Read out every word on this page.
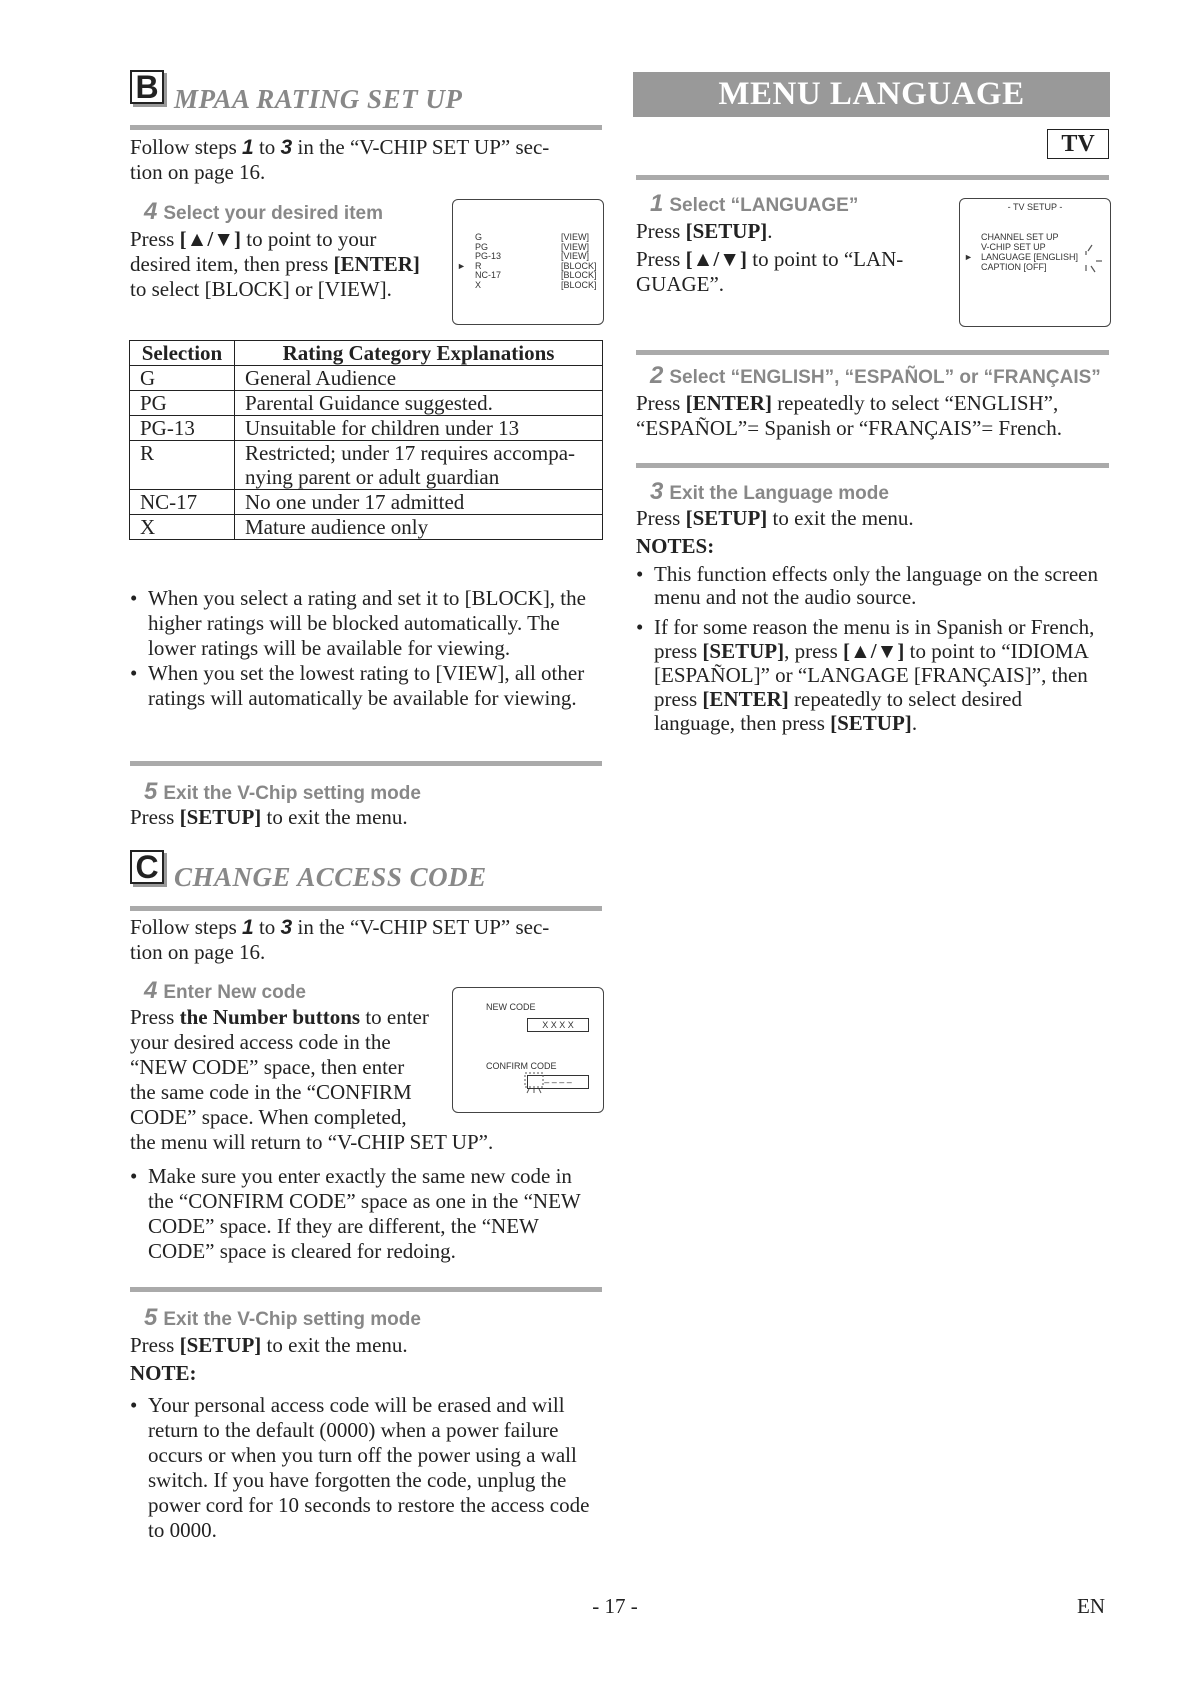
B MPAA RATING SET UP
Follow steps 1 to 3 in the “V-CHIP SET UP” sec-
tion on page 16.
4 Select your desired item
Press [▲/▼] to point to your
desired item, then press [ENTER]
to select [BLOCK] or [VIEW].
G	[VIEW]
PG	[VIEW]
PG-13	[VIEW]
► R	[BLOCK]
NC-17	[BLOCK]
X	[BLOCK]
Selection	Rating Category Explanations
G	General Audience
PG	Parental Guidance suggested.
PG-13	Unsuitable for children under 13
R	Restricted; under 17 requires accompa-
nying parent or adult guardian
NC-17	No one under 17 admitted
X	Mature audience only
• When you select a rating and set it to [BLOCK], the higher ratings will be blocked automatically. The lower ratings will be available for viewing.
• When you set the lowest rating to [VIEW], all other ratings will automatically be available for viewing.
5 Exit the V-Chip setting mode
Press [SETUP] to exit the menu.
C CHANGE ACCESS CODE
Follow steps 1 to 3 in the “V-CHIP SET UP” sec-
tion on page 16.
4 Enter New code
Press the Number buttons to enter
your desired access code in the
“NEW CODE” space, then enter
the same code in the “CONFIRM
CODE” space. When completed,
the menu will return to “V-CHIP SET UP”.
NEW CODE
X X X X
CONFIRM CODE
– – – –
• Make sure you enter exactly the same new code in the “CONFIRM CODE” space as one in the “NEW CODE” space. If they are different, the “NEW CODE” space is cleared for redoing.
5 Exit the V-Chip setting mode
Press [SETUP] to exit the menu.
NOTE:
• Your personal access code will be erased and will return to the default (0000) when a power failure occurs or when you turn off the power using a wall switch. If you have forgotten the code, unplug the power cord for 10 seconds to restore the access code to 0000.
MENU LANGUAGE
TV
1 Select “LANGUAGE”
Press [SETUP].
Press [▲/▼] to point to “LAN-
GUAGE”.
- TV SETUP -
CHANNEL SET UP
V-CHIP SET UP
► LANGUAGE [ENGLISH]
CAPTION [OFF]
2 Select “ENGLISH”, “ESPAÑOL” or “FRANÇAIS”
Press [ENTER] repeatedly to select “ENGLISH”,
“ESPAÑOL”= Spanish or “FRANÇAIS”= French.
3 Exit the Language mode
Press [SETUP] to exit the menu.
NOTES:
• This function effects only the language on the screen menu and not the audio source.
• If for some reason the menu is in Spanish or French, press [SETUP], press [▲/▼] to point to “IDIOMA [ESPAÑOL]” or “LANGAGE [FRANÇAIS]”, then press [ENTER] repeatedly to select desired language, then press [SETUP].
- 17 -	EN
